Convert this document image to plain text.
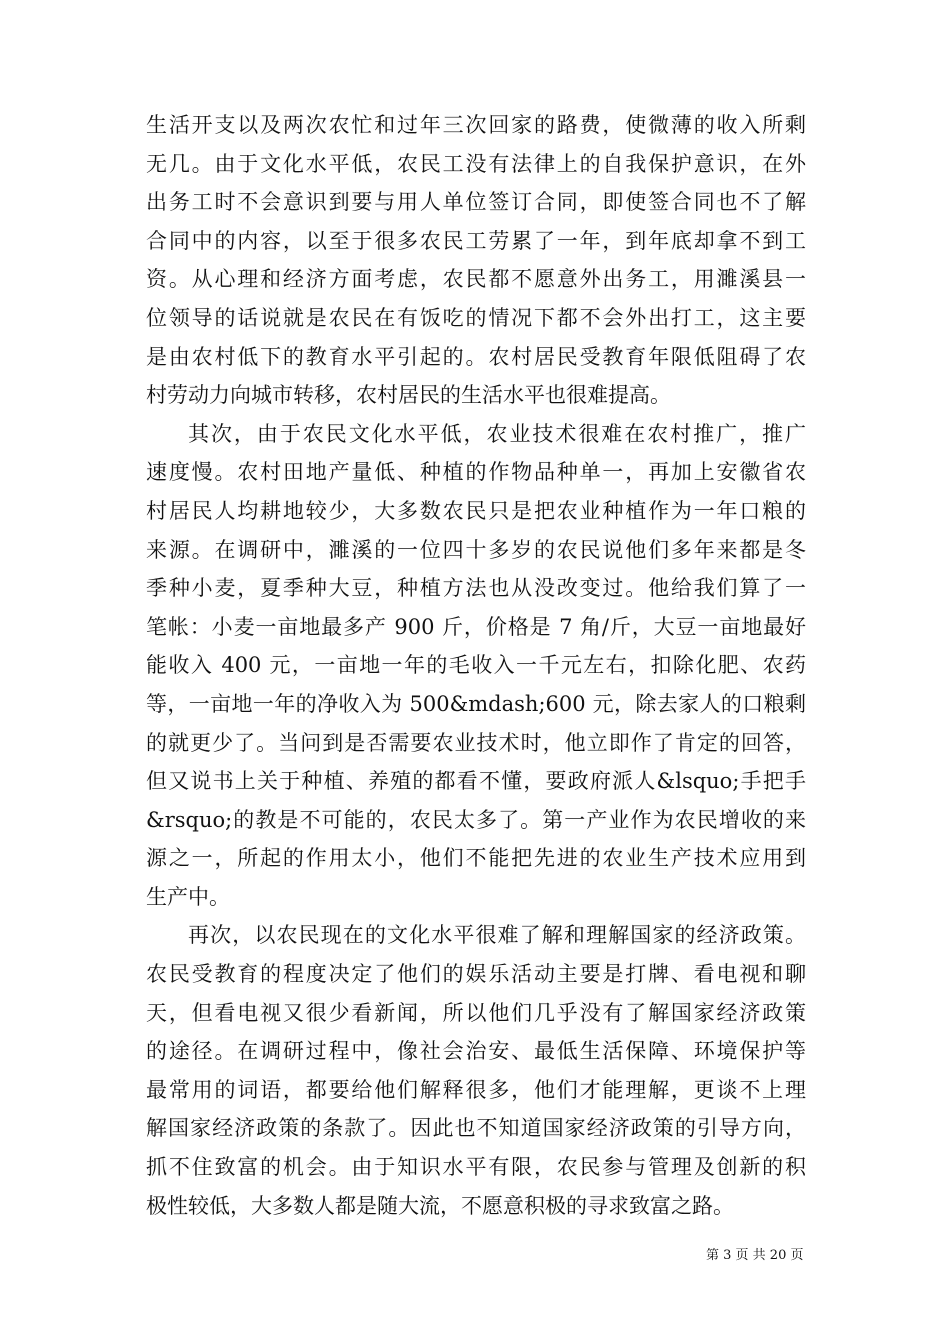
生活开支以及两次农忙和过年三次回家的路费，使微薄的收入所剩
无几。由于文化水平低，农民工没有法律上的自我保护意识，在外
出务工时不会意识到要与用人单位签订合同，即使签合同也不了解
合同中的内容，以至于很多农民工劳累了一年，到年底却拿不到工
资。从心理和经济方面考虑，农民都不愿意外出务工，用濉溪县一
位领导的话说就是农民在有饭吃的情况下都不会外出打工，这主要
是由农村低下的教育水平引起的。农村居民受教育年限低阻碍了农
村劳动力向城市转移，农村居民的生活水平也很难提高。
其次，由于农民文化水平低，农业技术很难在农村推广，推广
速度慢。农村田地产量低、种植的作物品种单一，再加上安徽省农
村居民人均耕地较少，大多数农民只是把农业种植作为一年口粮的
来源。在调研中，濉溪的一位四十多岁的农民说他们多年来都是冬
季种小麦，夏季种大豆，种植方法也从没改变过。他给我们算了一
笔帐：小麦一亩地最多产 900 斤，价格是 7 角/斤，大豆一亩地最好
能收入 400 元，一亩地一年的毛收入一千元左右，扣除化肥、农药
等，一亩地一年的净收入为 500&mdash;600 元，除去家人的口粮剩
的就更少了。当问到是否需要农业技术时，他立即作了肯定的回答，
但又说书上关于种植、养殖的都看不懂，要政府派人&lsquo;手把手
&rsquo;的教是不可能的，农民太多了。第一产业作为农民增收的来
源之一，所起的作用太小，他们不能把先进的农业生产技术应用到
生产中。
再次，以农民现在的文化水平很难了解和理解国家的经济政策。
农民受教育的程度决定了他们的娱乐活动主要是打牌、看电视和聊
天，但看电视又很少看新闻，所以他们几乎没有了解国家经济政策
的途径。在调研过程中，像社会治安、最低生活保障、环境保护等
最常用的词语，都要给他们解释很多，他们才能理解，更谈不上理
解国家经济政策的条款了。因此也不知道国家经济政策的引导方向，
抓不住致富的机会。由于知识水平有限，农民参与管理及创新的积
极性较低，大多数人都是随大流，不愿意积极的寻求致富之路。
第 3 页 共 20 页
